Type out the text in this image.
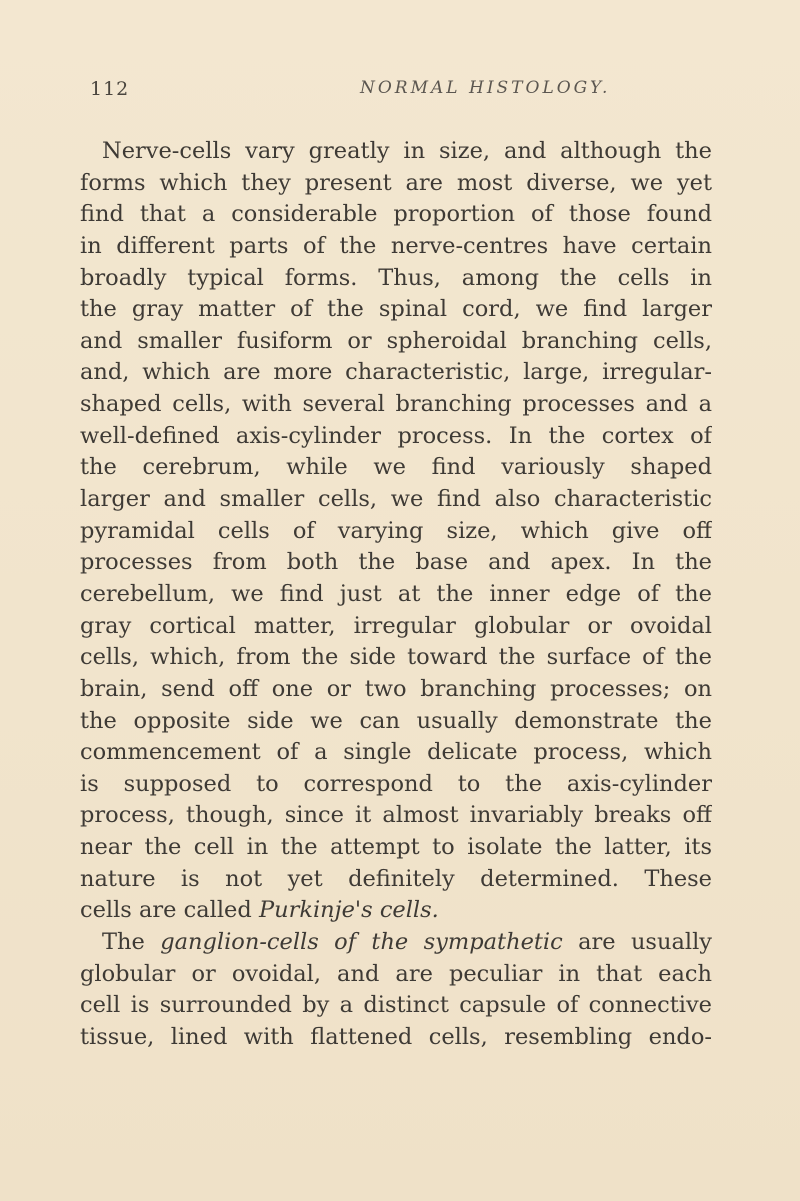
112	NORMAL HISTOLOGY.
Nerve-cells vary greatly in size, and although the
forms which they present are most diverse, we yet
find that a considerable proportion of those found
in different parts of the nerve-centres have certain
broadly typical forms. Thus, among the cells in
the gray matter of the spinal cord, we find larger
and smaller fusiform or spheroidal branching cells,
and, which are more characteristic, large, irregular-
shaped cells, with several branching processes and a
well-defined axis-cylinder process. In the cortex of
the cerebrum, while we find variously shaped
larger and smaller cells, we find also characteristic
pyramidal cells of varying size, which give off
processes from both the base and apex. In the
cerebellum, we find just at the inner edge of the
gray cortical matter, irregular globular or ovoidal
cells, which, from the side toward the surface of the
brain, send off one or two branching processes; on
the opposite side we can usually demonstrate the
commencement of a single delicate process, which
is supposed to correspond to the axis-cylinder
process, though, since it almost invariably breaks off
near the cell in the attempt to isolate the latter, its
nature is not yet definitely determined. These
cells are called Purkinje's cells.
The ganglion-cells of the sympathetic are usually
globular or ovoidal, and are peculiar in that each
cell is surrounded by a distinct capsule of connective
tissue, lined with flattened cells, resembling endo-
